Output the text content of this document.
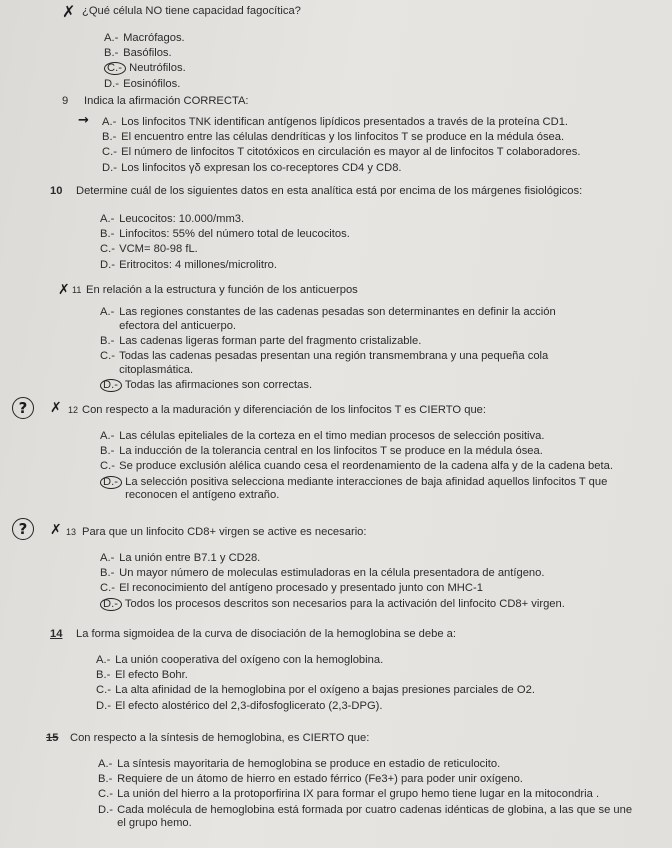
✗ ¿Qué célula NO tiene capacidad fagocítica?
A.- Macrófagos.
B.- Basófilos.
C.- Neutrófilos.
D.- Eosinófilos.
9 Indica la afirmación CORRECTA:
A.- Los linfocitos TNK identifican antígenos lipídicos presentados a través de la proteína CD1.
B.- El encuentro entre las células dendríticas y los linfocitos T se produce en la médula ósea.
C.- El número de linfocitos T citotóxicos en circulación es mayor al de linfocitos T colaboradores.
D.- Los linfocitos γδ expresan los co-receptores CD4 y CD8.
→
10 Determine cuál de los siguientes datos en esta analítica está por encima de los márgenes fisiológicos:
A.- Leucocitos: 10.000/mm3.
B.- Linfocitos: 55% del número total de leucocitos.
C.- VCM= 80-98 fL.
D.- Eritrocitos: 4 millones/microlitro.
✗ 11 En relación a la estructura y función de los anticuerpos
A.- Las regiones constantes de las cadenas pesadas son determinantes en definir la acción efectora del anticuerpo.
B.- Las cadenas ligeras forman parte del fragmento cristalizable.
C.- Todas las cadenas pesadas presentan una región transmembrana y una pequeña cola citoplasmática.
D.- Todas las afirmaciones son correctas.
?	✗ 12 Con respecto a la maduración y diferenciación de los linfocitos T es CIERTO que:
A.- Las células epiteliales de la corteza en el timo median procesos de selección positiva.
B.- La inducción de la tolerancia central en los linfocitos T se produce en la médula ósea.
C.- Se produce exclusión alélica cuando cesa el reordenamiento de la cadena alfa y de la cadena beta.
D.- La selección positiva selecciona mediante interacciones de baja afinidad aquellos linfocitos T que reconocen el antígeno extraño.
?	✗ 13 Para que un linfocito CD8+ virgen se active es necesario:
A.- La unión entre B7.1 y CD28.
B.- Un mayor número de moleculas estimuladoras en la célula presentadora de antígeno.
C.- El reconocimiento del antígeno procesado y presentado junto con MHC-1
D.- Todos los procesos descritos son necesarios para la activación del linfocito CD8+ virgen.
14 La forma sigmoidea de la curva de disociación de la hemoglobina se debe a:
A.- La unión cooperativa del oxígeno con la hemoglobina.
B.- El efecto Bohr.
C.- La alta afinidad de la hemoglobina por el oxígeno a bajas presiones parciales de O2.
D.- El efecto alostérico del 2,3-difosfoglicerato (2,3-DPG).
15 Con respecto a la síntesis de hemoglobina, es CIERTO que:
A.- La síntesis mayoritaria de hemoglobina se produce en estadio de reticulocito.
B.- Requiere de un átomo de hierro en estado férrico (Fe3+) para poder unir oxígeno.
C.- La unión del hierro a la protoporfirina IX para formar el grupo hemo tiene lugar en la mitocondria .
D.- Cada molécula de hemoglobina está formada por cuatro cadenas idénticas de globina, a las que se une el grupo hemo.
